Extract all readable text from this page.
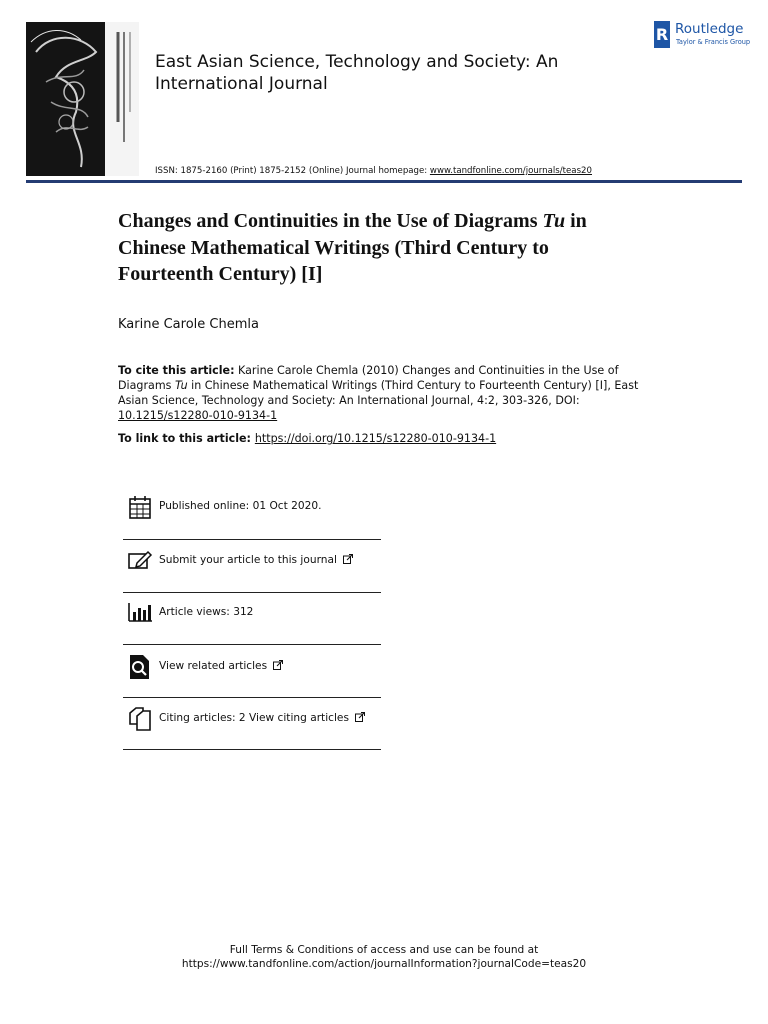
East Asian Science, Technology and Society: An International Journal
R Routledge
Taylor & Francis Group
ISSN: 1875-2160 (Print) 1875-2152 (Online) Journal homepage: www.tandfonline.com/journals/teas20
Changes and Continuities in the Use of Diagrams Tu in Chinese Mathematical Writings (Third Century to Fourteenth Century) [I]
Karine Carole Chemla
To cite this article: Karine Carole Chemla (2010) Changes and Continuities in the Use of Diagrams Tu in Chinese Mathematical Writings (Third Century to Fourteenth Century) [I], East Asian Science, Technology and Society: An International Journal, 4:2, 303-326, DOI: 10.1215/s12280-010-9134-1
To link to this article: https://doi.org/10.1215/s12280-010-9134-1
Published online: 01 Oct 2020.
Submit your article to this journal
Article views: 312
View related articles
Citing articles: 2 View citing articles
Full Terms & Conditions of access and use can be found at
https://www.tandfonline.com/action/journalInformation?journalCode=teas20
